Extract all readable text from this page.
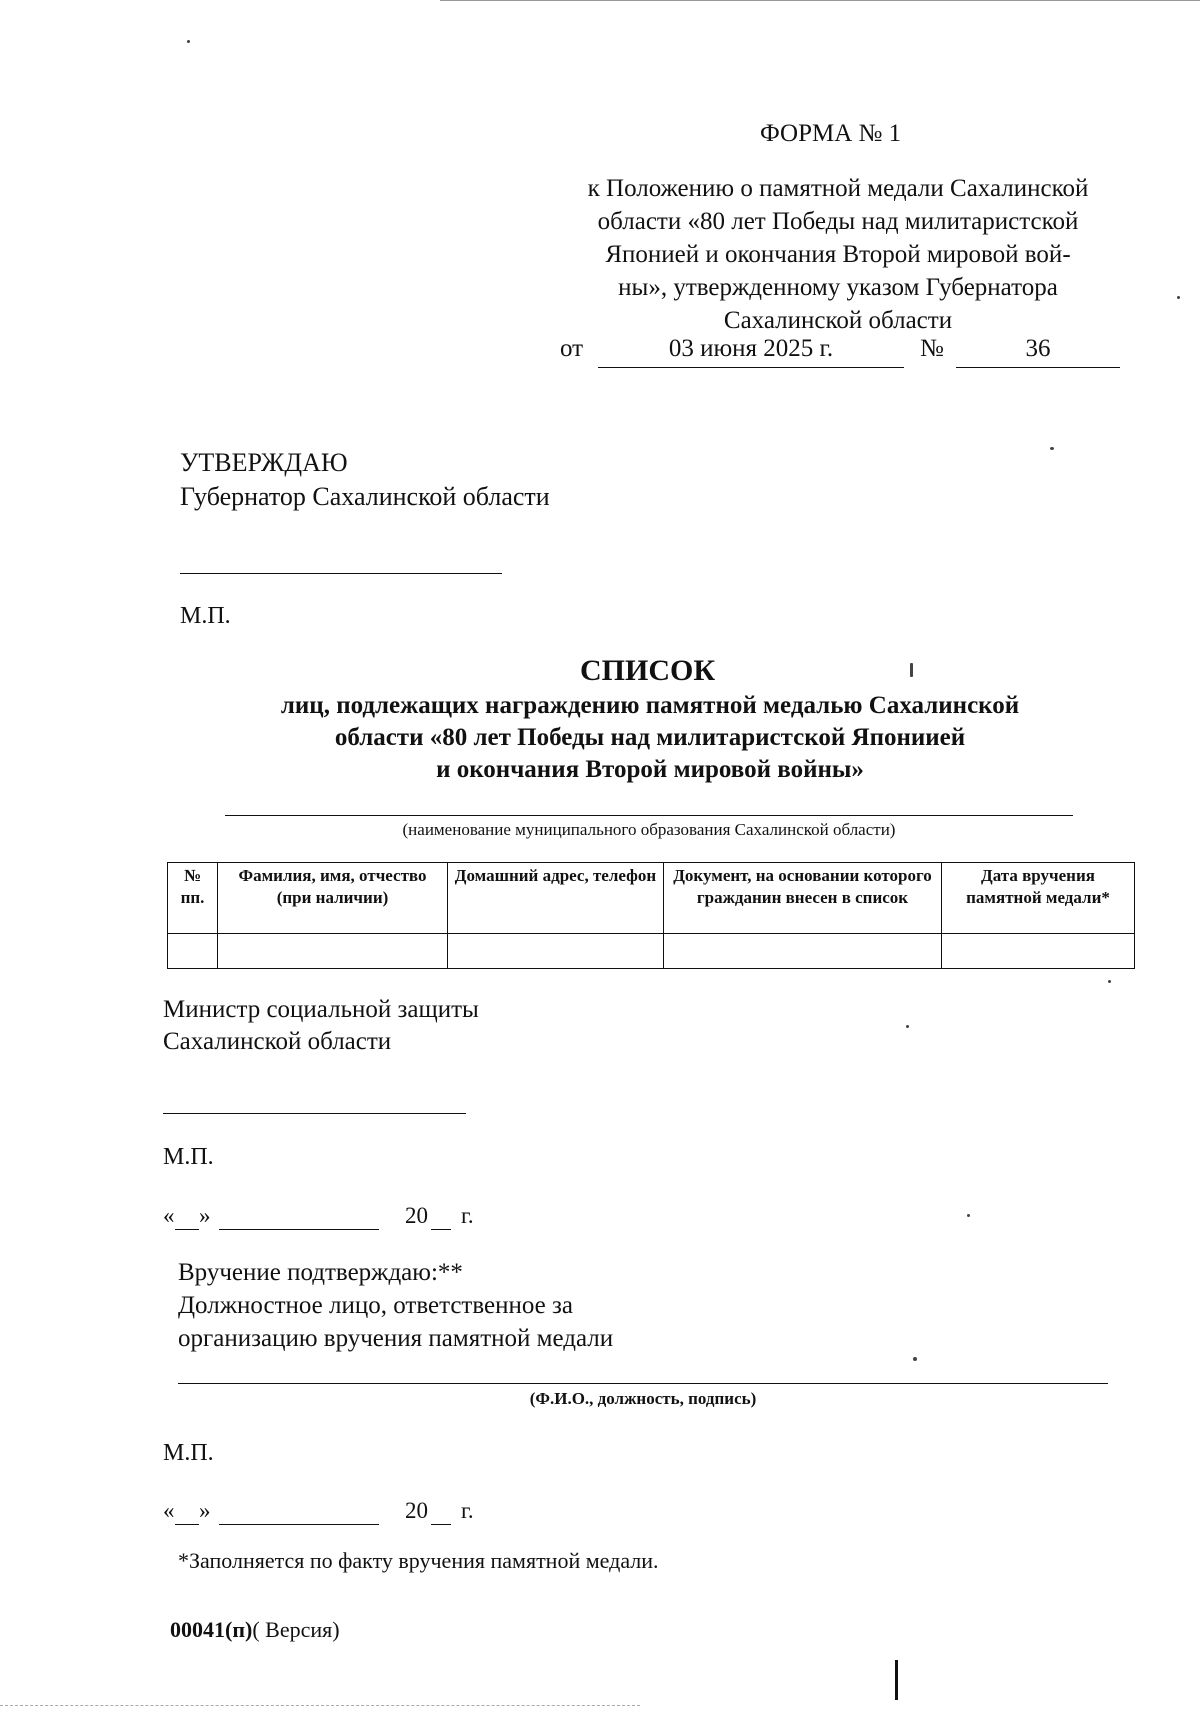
ФОРМА № 1
к Положению о памятной медали Сахалинской
области «80 лет Победы над милитаристской
Японией и окончания Второй мировой вой-
ны», утвержденному указом Губернатора
Сахалинской области
от	03 июня 2025 г.	№	36
УТВЕРЖДАЮ
Губернатор Сахалинской области
М.П.
СПИСОК
лиц, подлежащих награждению памятной медалью Сахалинской
области «80 лет Победы над милитаристской Япониией
и окончания Второй мировой войны»
(наименование муниципального образования Сахалинской области)
№ пп.	Фамилия, имя, отчество (при наличии)	Домашний адрес, телефон	Документ, на основании которого гражданин внесен в список	Дата вручения памятной медали*

Министр социальной защиты
Сахалинской области
М.П.
« »	20 г.
Вручение подтверждаю:**
Должностное лицо, ответственное за
организацию вручения памятной медали
(Ф.И.О., должность, подпись)
М.П.
« »	20 г.
*Заполняется по факту вручения памятной медали.
00041(п)( Версия)
